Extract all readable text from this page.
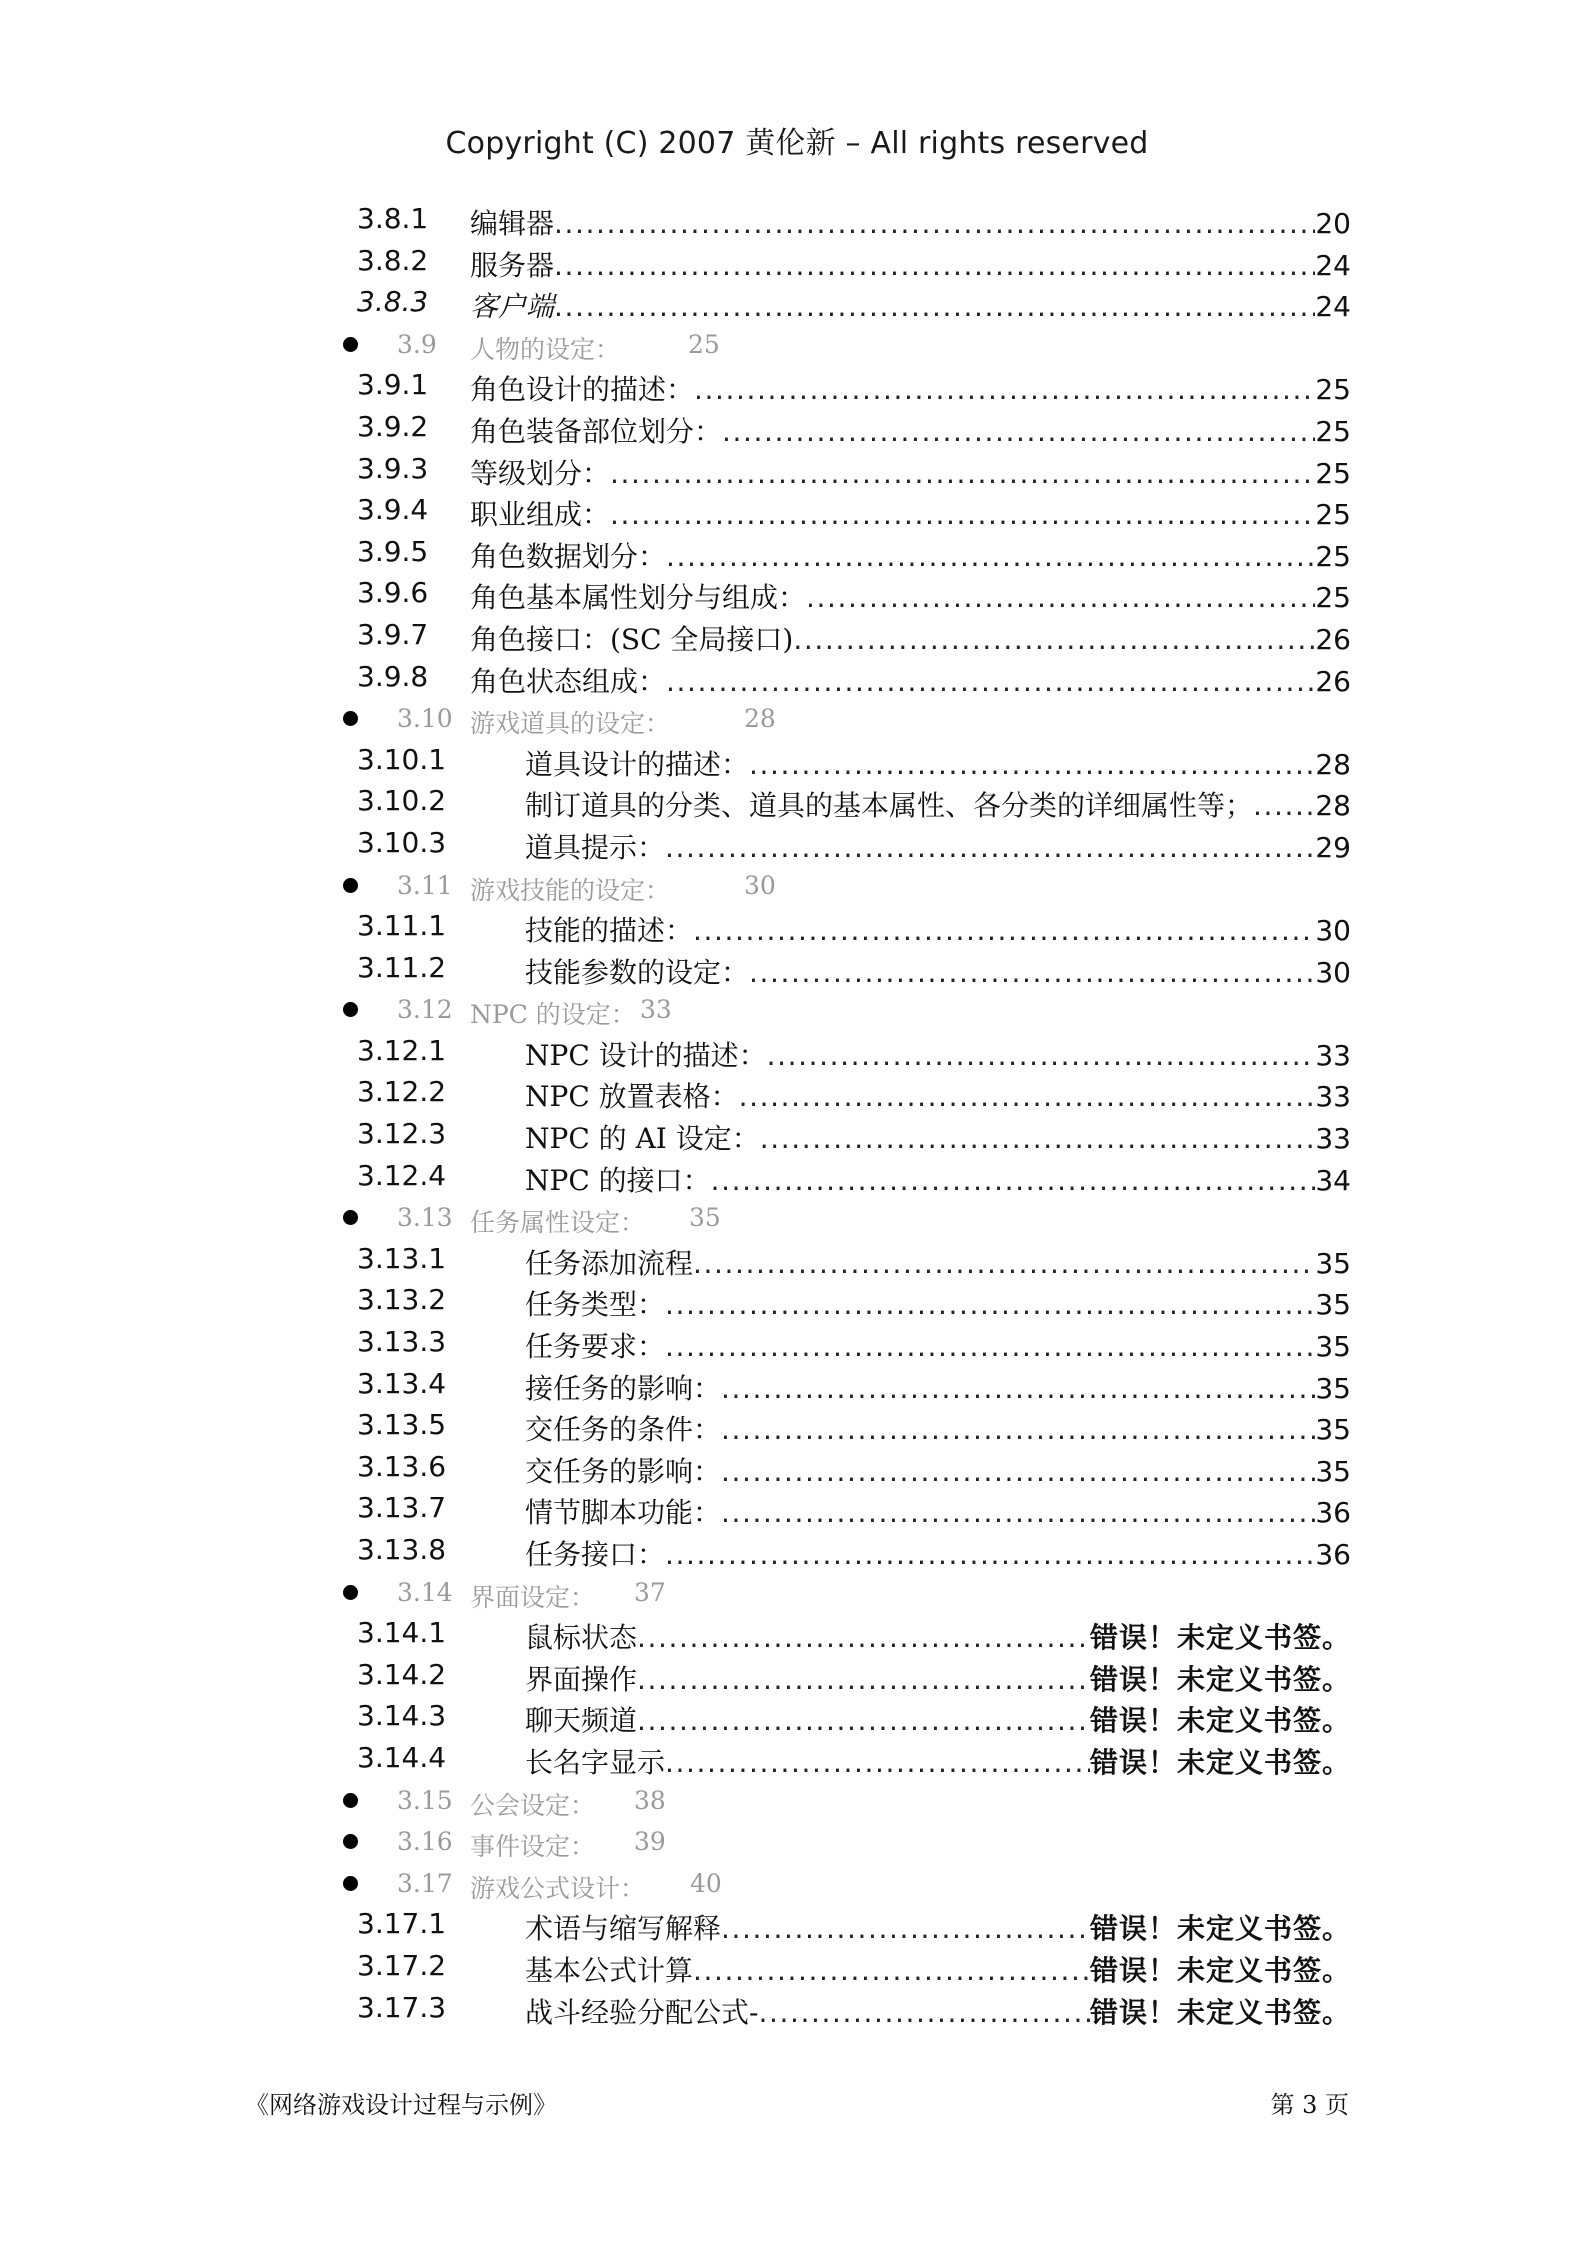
Copyright (C) 2007 黄伦新 – All rights reserved
3.8.1 编辑器 .....	20
3.8.2 服务器 .....	24
3.8.3 客户端 .....	24
3.9 人物的设定：	25
3.9.1 角色设计的描述： .....	25
3.9.2 角色装备部位划分： .....	25
3.9.3 等级划分： .....	25
3.9.4 职业组成： .....	25
3.9.5 角色数据划分： .....	25
3.9.6 角色基本属性划分与组成： .....	25
3.9.7 角色接口：(SC 全局接口) .....	26
3.9.8 角色状态组成： .....	26
3.10 游戏道具的设定：	28
3.10.1	道具设计的描述： .....	28
3.10.2	制订道具的分类、道具的基本属性、各分类的详细属性等； ..... 28
3.10.3	道具提示： .....	29
3.11 游戏技能的设定：	30
3.11.1	技能的描述： .....	30
3.11.2	技能参数的设定： .....	30
3.12 NPC 的设定： 33
3.12.1	NPC 设计的描述： .....	33
3.12.2	NPC 放置表格： .....	33
3.12.3	NPC 的 AI 设定： .....	33
3.12.4	NPC 的接口： .....	34
3.13 任务属性设定： 35
3.13.1	任务添加流程 .....	35
3.13.2	任务类型： .....	35
3.13.3	任务要求： .....	35
3.13.4	接任务的影响： .....	35
3.13.5	交任务的条件： .....	35
3.13.6	交任务的影响： .....	35
3.13.7	情节脚本功能： .....	36
3.13.8	任务接口： .....	36
3.14 界面设定： 37
3.14.1	鼠标状态 .....	错误！未定义书签。
3.14.2	界面操作 .....	错误！未定义书签。
3.14.3	聊天频道 .....	错误！未定义书签。
3.14.4	长名字显示 .....	错误！未定义书签。
3.15 公会设定： 38
3.16 事件设定： 39
3.17 游戏公式设计： 40
3.17.1	术语与缩写解释 .....	错误！未定义书签。
3.17.2	基本公式计算 .....	错误！未定义书签。
3.17.3	战斗经验分配公式- .....	错误！未定义书签。
《网络游戏设计过程与示例》	第 3 页
